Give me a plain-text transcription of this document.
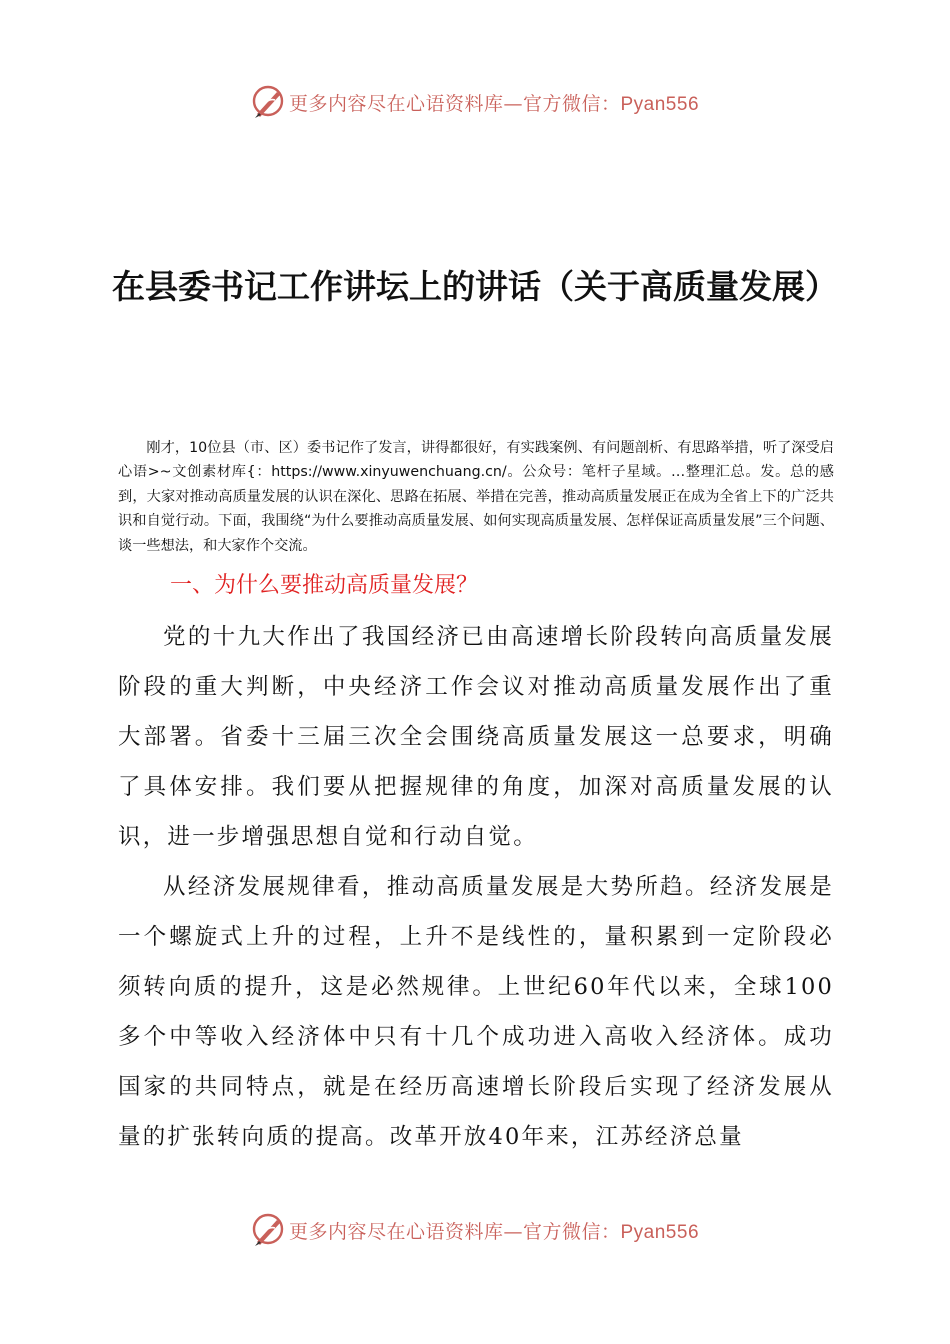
更多内容尽在心语资料库—官方微信：Pyan556
在县委书记工作讲坛上的讲话（关于高质量发展）
刚才，10位县（市、区）委书记作了发言，讲得都很好，有实践案例、有问题剖析、有思路举措，听了深受启心语>~文创素材库{：https://www.xinyuwenchuang.cn/。公众号：笔杆子星域。…整理汇总。发。总的感到，大家对推动高质量发展的认识在深化、思路在拓展、举措在完善，推动高质量发展正在成为全省上下的广泛共识和自觉行动。下面，我围绕“为什么要推动高质量发展、如何实现高质量发展、怎样保证高质量发展”三个问题、谈一些想法，和大家作个交流。
一、为什么要推动高质量发展？
党的十九大作出了我国经济已由高速增长阶段转向高质量发展阶段的重大判断，中央经济工作会议对推动高质量发展作出了重大部署。省委十三届三次全会围绕高质量发展这一总要求，明确了具体安排。我们要从把握规律的角度，加深对高质量发展的认识，进一步增强思想自觉和行动自觉。
从经济发展规律看，推动高质量发展是大势所趋。经济发展是一个螺旋式上升的过程，上升不是线性的，量积累到一定阶段必须转向质的提升，这是必然规律。上世纪60年代以来，全球100多个中等收入经济体中只有十几个成功进入高收入经济体。成功国家的共同特点，就是在经历高速增长阶段后实现了经济发展从量的扩张转向质的提高。改革开放40年来，江苏经济总量
更多内容尽在心语资料库—官方微信：Pyan556
